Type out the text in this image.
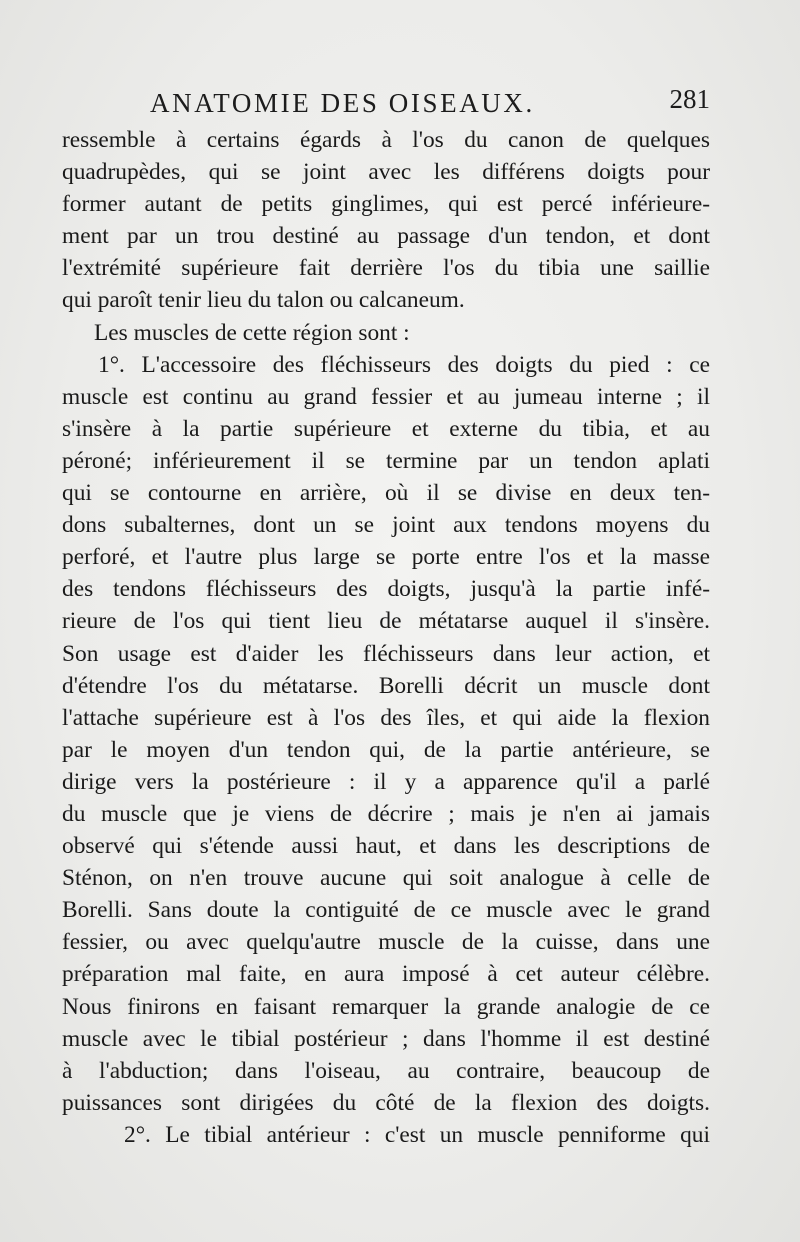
ANATOMIE DES OISEAUX.	281
ressemble à certains égards à l'os du canon de quelques
quadrupèdes, qui se joint avec les différens doigts pour
former autant de petits ginglimes, qui est percé inférieure-
ment par un trou destiné au passage d'un tendon, et dont
l'extrémité supérieure fait derrière l'os du tibia une saillie
qui paroît tenir lieu du talon ou calcaneum.
Les muscles de cette région sont :
1°. L'accessoire des fléchisseurs des doigts du pied : ce
muscle est continu au grand fessier et au jumeau interne ; il
s'insère à la partie supérieure et externe du tibia, et au
péroné; inférieurement il se termine par un tendon aplati
qui se contourne en arrière, où il se divise en deux ten-
dons subalternes, dont un se joint aux tendons moyens du
perforé, et l'autre plus large se porte entre l'os et la masse
des tendons fléchisseurs des doigts, jusqu'à la partie infé-
rieure de l'os qui tient lieu de métatarse auquel il s'insère.
Son usage est d'aider les fléchisseurs dans leur action, et
d'étendre l'os du métatarse. Borelli décrit un muscle dont
l'attache supérieure est à l'os des îles, et qui aide la flexion
par le moyen d'un tendon qui, de la partie antérieure, se
dirige vers la postérieure : il y a apparence qu'il a parlé
du muscle que je viens de décrire ; mais je n'en ai jamais
observé qui s'étende aussi haut, et dans les descriptions de
Sténon, on n'en trouve aucune qui soit analogue à celle de
Borelli. Sans doute la contiguité de ce muscle avec le grand
fessier, ou avec quelqu'autre muscle de la cuisse, dans une
préparation mal faite, en aura imposé à cet auteur célèbre.
Nous finirons en faisant remarquer la grande analogie de ce
muscle avec le tibial postérieur ; dans l'homme il est destiné
à l'abduction; dans l'oiseau, au contraire, beaucoup de
puissances sont dirigées du côté de la flexion des doigts.
2°. Le tibial antérieur : c'est un muscle penniforme qui
